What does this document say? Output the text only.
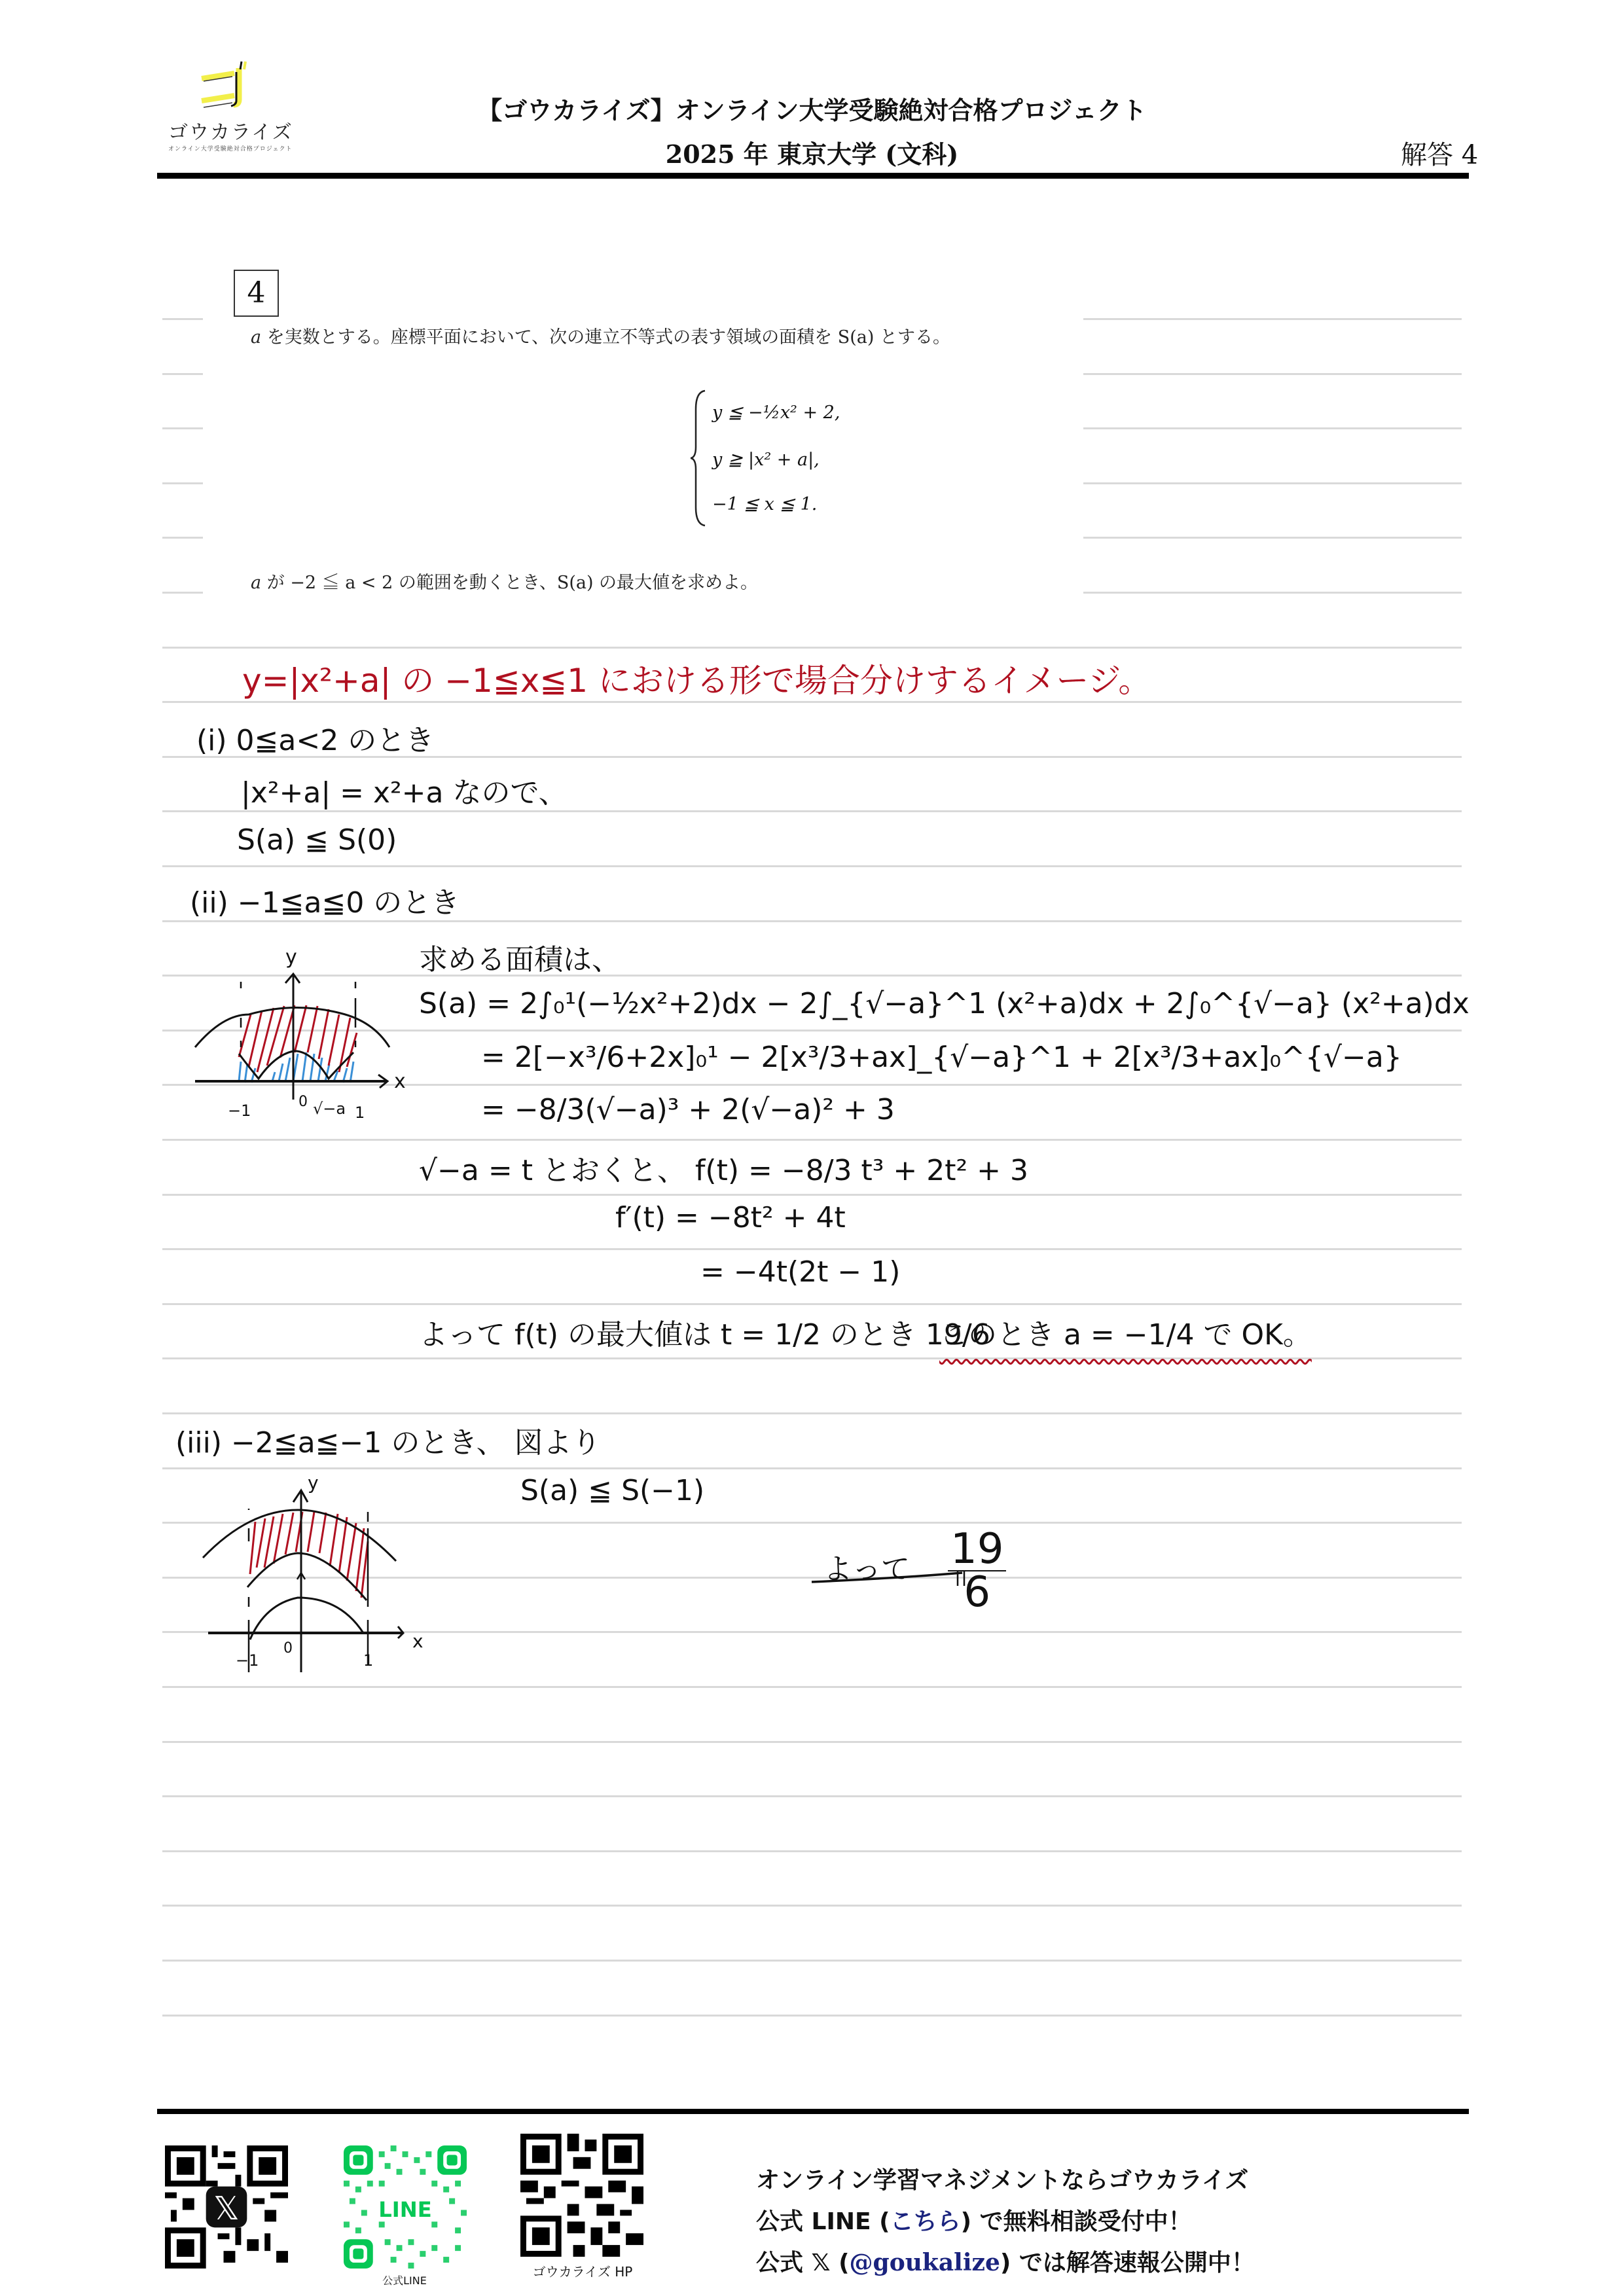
ゴウカライズ
オンライン大学受験絶対合格プロジェクト
【ゴウカライズ】オンライン大学受験絶対合格プロジェクト
2025 年 東京大学 (文科)	解答 4
4
a を実数とする。座標平面において、次の連立不等式の表す領域の面積を S(a) とする。
y ≦ −½x² + 2,
y ≧ |x² + a|,
−1 ≦ x ≦ 1.
a が −2 ≦ a < 2 の範囲を動くとき、S(a) の最大値を求めよ。
y=|x²+a| の −1≦x≦1 における形で場合分けするイメージ。
(i) 0≦a<2 のとき
|x²+a| = x²+a なので、
S(a) ≦ S(0)
(ii) −1≦a≦0 のとき
y
x
−1	0 √−a 1
求める面積は、
S(a) = 2∫₀¹(−½x²+2)dx − 2∫_{√−a}^1 (x²+a)dx + 2∫₀^{√−a} (x²+a)dx
= 2[−x³/6+2x]₀¹ − 2[x³/3+ax]_{√−a}^1 + 2[x³/3+ax]₀^{√−a}
= −8/3(√−a)³ + 2(√−a)² + 3
√−a = t とおくと、 f(t) = −8/3 t³ + 2t² + 3
f′(t) = −8t² + 4t
= −4t(2t − 1)
よって f(t) の最大値は t = 1/2 のとき 19/6
このとき a = −1/4 で OK。
(iii) −2≦a≦−1 のとき、 図より
y
x
−1
0
1
S(a) ≦ S(−1)
よって $\frac{19}{6}$
𝕏	LINE
公式LINE
ゴウカライズ HP
オンライン学習マネジメントならゴウカライズ
公式 LINE (こちら) で無料相談受付中！
公式 𝕏 (@goukalize) では解答速報公開中！
